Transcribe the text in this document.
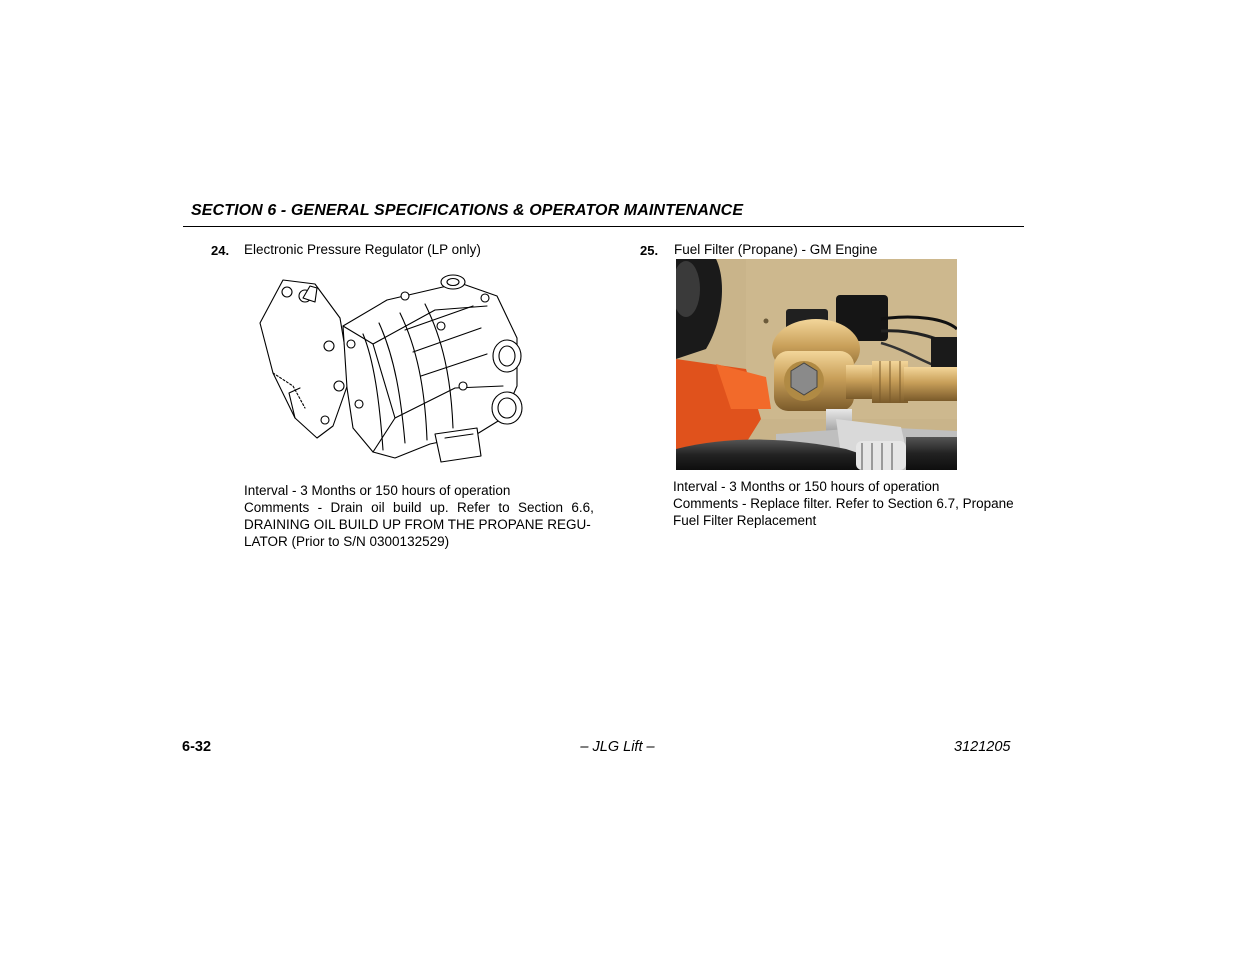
SECTION 6 - GENERAL SPECIFICATIONS & OPERATOR MAINTENANCE
24. Electronic Pressure Regulator (LP only)
Interval - 3 Months or 150 hours of operation
Comments - Drain oil build up. Refer to Section 6.6,
DRAINING OIL BUILD UP FROM THE PROPANE REGU-
LATOR (Prior to S/N 0300132529)
25. Fuel Filter (Propane) - GM Engine
Interval - 3 Months or 150 hours of operation
Comments - Replace filter. Refer to Section 6.7, Propane
Fuel Filter Replacement
6-32	– JLG Lift –	3121205
